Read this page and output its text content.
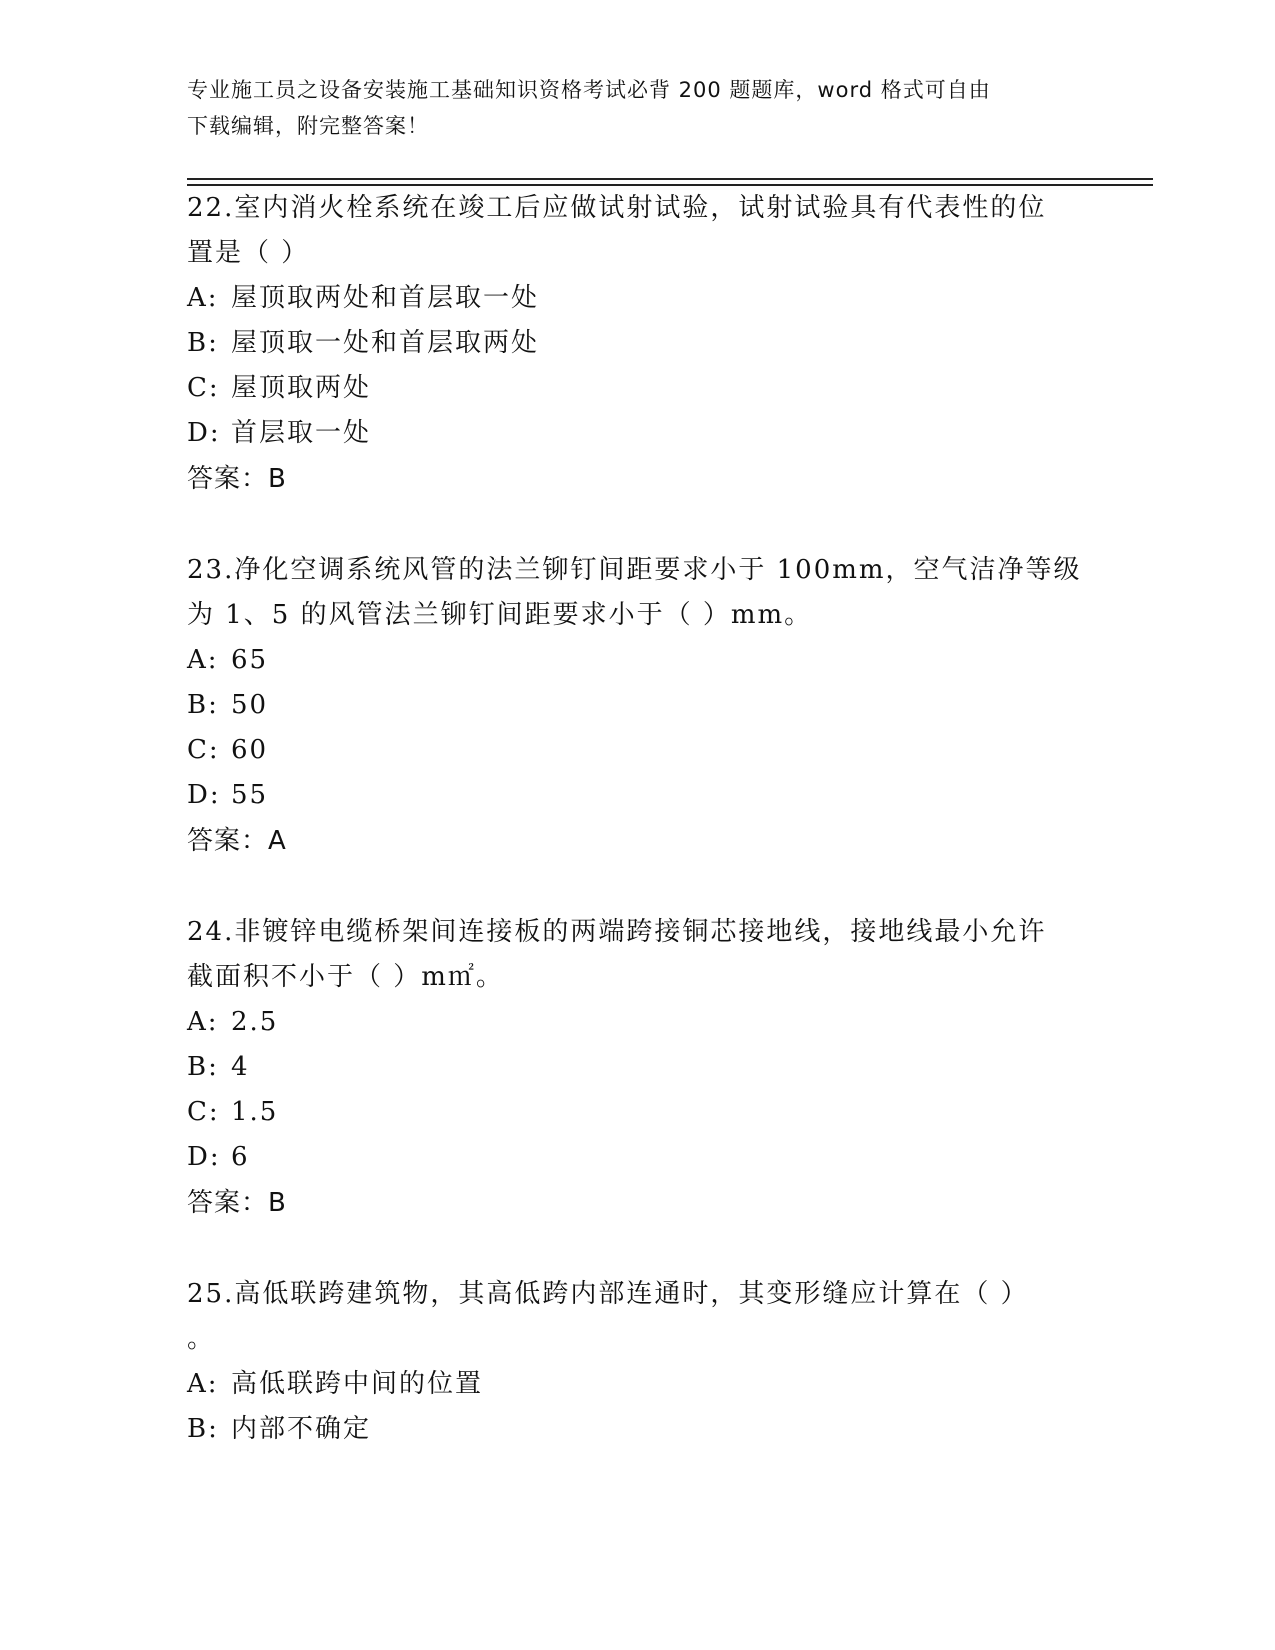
专业施工员之设备安装施工基础知识资格考试必背 200 题题库，word 格式可自由
下载编辑，附完整答案！
22.室内消火栓系统在竣工后应做试射试验，试射试验具有代表性的位
置是（ ）
A: 屋顶取两处和首层取一处
B: 屋顶取一处和首层取两处
C: 屋顶取两处
D: 首层取一处
答案：B
23.净化空调系统风管的法兰铆钉间距要求小于 100mm，空气洁净等级
为 1、5 的风管法兰铆钉间距要求小于（ ）mm。
A: 65
B: 50
C: 60
D: 55
答案：A
24.非镀锌电缆桥架间连接板的两端跨接铜芯接地线，接地线最小允许
截面积不小于（ ）m㎡。
A: 2.5
B: 4
C: 1.5
D: 6
答案：B
25.高低联跨建筑物，其高低跨内部连通时，其变形缝应计算在（ ）
。
A: 高低联跨中间的位置
B: 内部不确定
